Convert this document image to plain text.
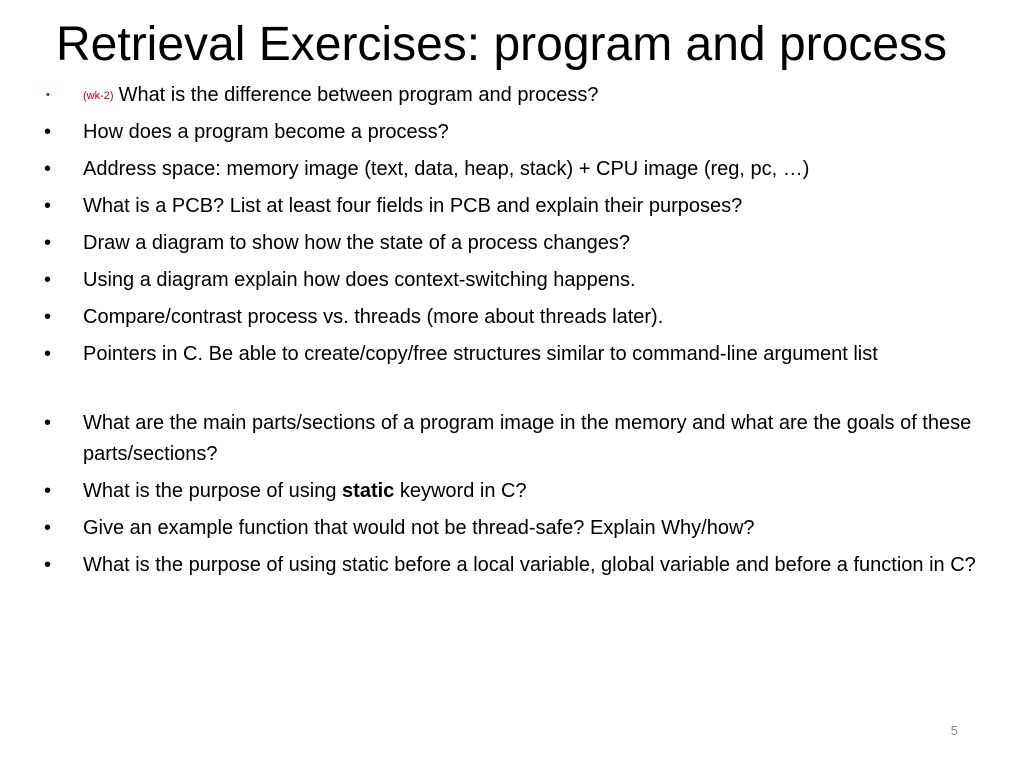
Retrieval Exercises: program and process
•	(wk-2) What is the difference between program and process?
• How does a program become a process?
• Address space: memory image (text, data, heap, stack) + CPU image (reg, pc, …)
• What is a PCB? List at least four fields in PCB and explain their purposes?
• Draw a diagram to show how the state of a process changes?
• Using a diagram explain how does context-switching happens.
• Compare/contrast process vs. threads (more about threads later).
• Pointers in C. Be able to create/copy/free structures similar to command-line argument list
• What are the main parts/sections of a program image in the memory and what are the goals of these parts/sections?
• What is the purpose of using static keyword in C?
• Give an example function that would not be thread-safe? Explain Why/how?
• What is the purpose of using static before a local variable, global variable and before a function in C?
5
